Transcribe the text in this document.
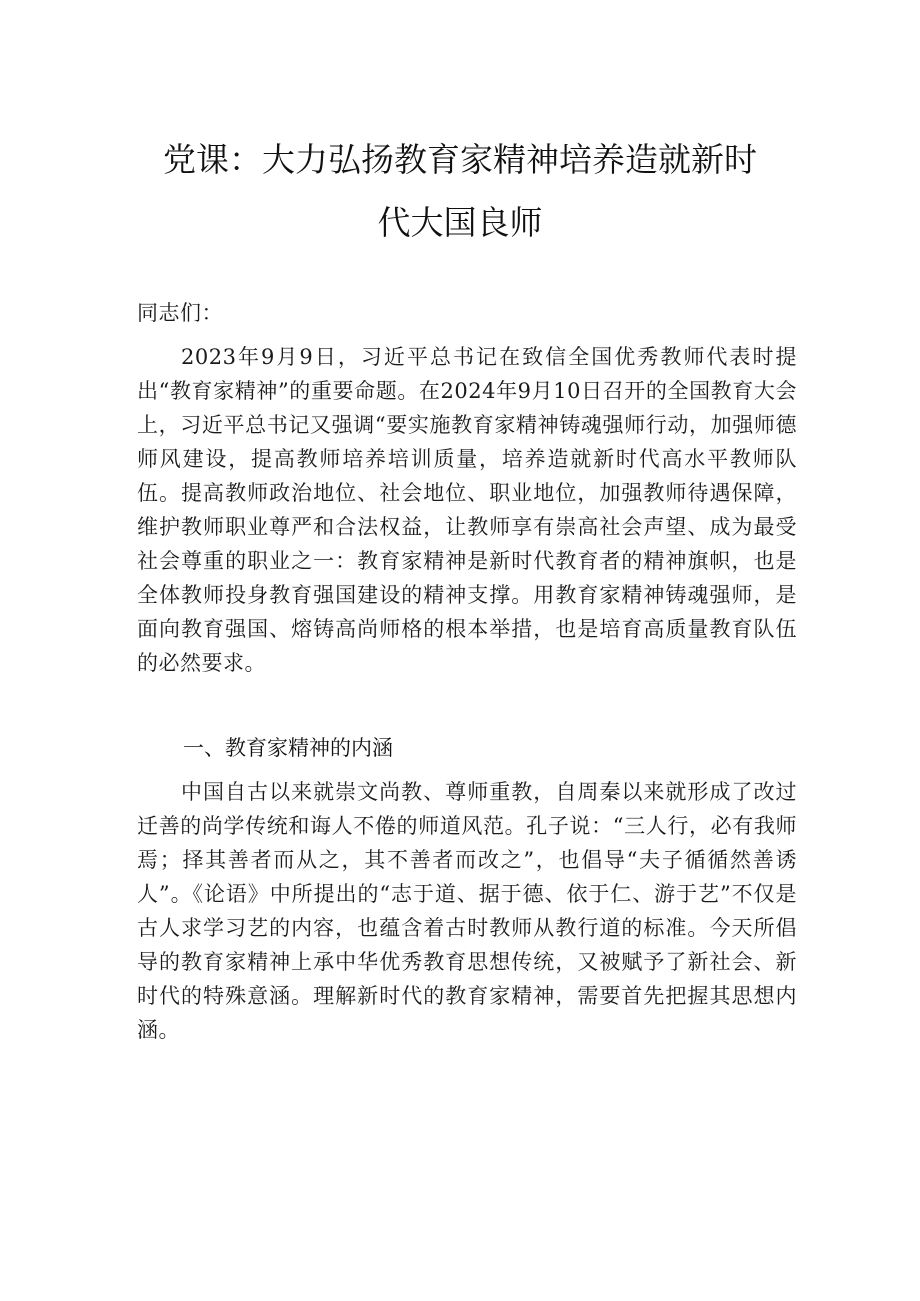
党课：大力弘扬教育家精神培养造就新时
代大国良师
同志们：
2023年9月9日，习近平总书记在致信全国优秀教师代表时提出“教育家精神”的重要命题。在2024年9月10日召开的全国教育大会上，习近平总书记又强调“要实施教育家精神铸魂强师行动，加强师德师风建设，提高教师培养培训质量，培养造就新时代高水平教师队伍。提高教师政治地位、社会地位、职业地位，加强教师待遇保障，维护教师职业尊严和合法权益，让教师享有崇高社会声望、成为最受社会尊重的职业之一：教育家精神是新时代教育者的精神旗帜，也是全体教师投身教育强国建设的精神支撑。用教育家精神铸魂强师，是面向教育强国、熔铸高尚师格的根本举措，也是培育高质量教育队伍的必然要求。
一、教育家精神的内涵
中国自古以来就崇文尚教、尊师重教，自周秦以来就形成了改过迁善的尚学传统和诲人不倦的师道风范。孔子说：“三人行，必有我师焉；择其善者而从之，其不善者而改之”，也倡导“夫子循循然善诱人”。《论语》中所提出的“志于道、据于德、依于仁、游于艺”不仅是古人求学习艺的内容，也蕴含着古时教师从教行道的标准。今天所倡导的教育家精神上承中华优秀教育思想传统，又被赋予了新社会、新时代的特殊意涵。理解新时代的教育家精神，需要首先把握其思想内涵。
